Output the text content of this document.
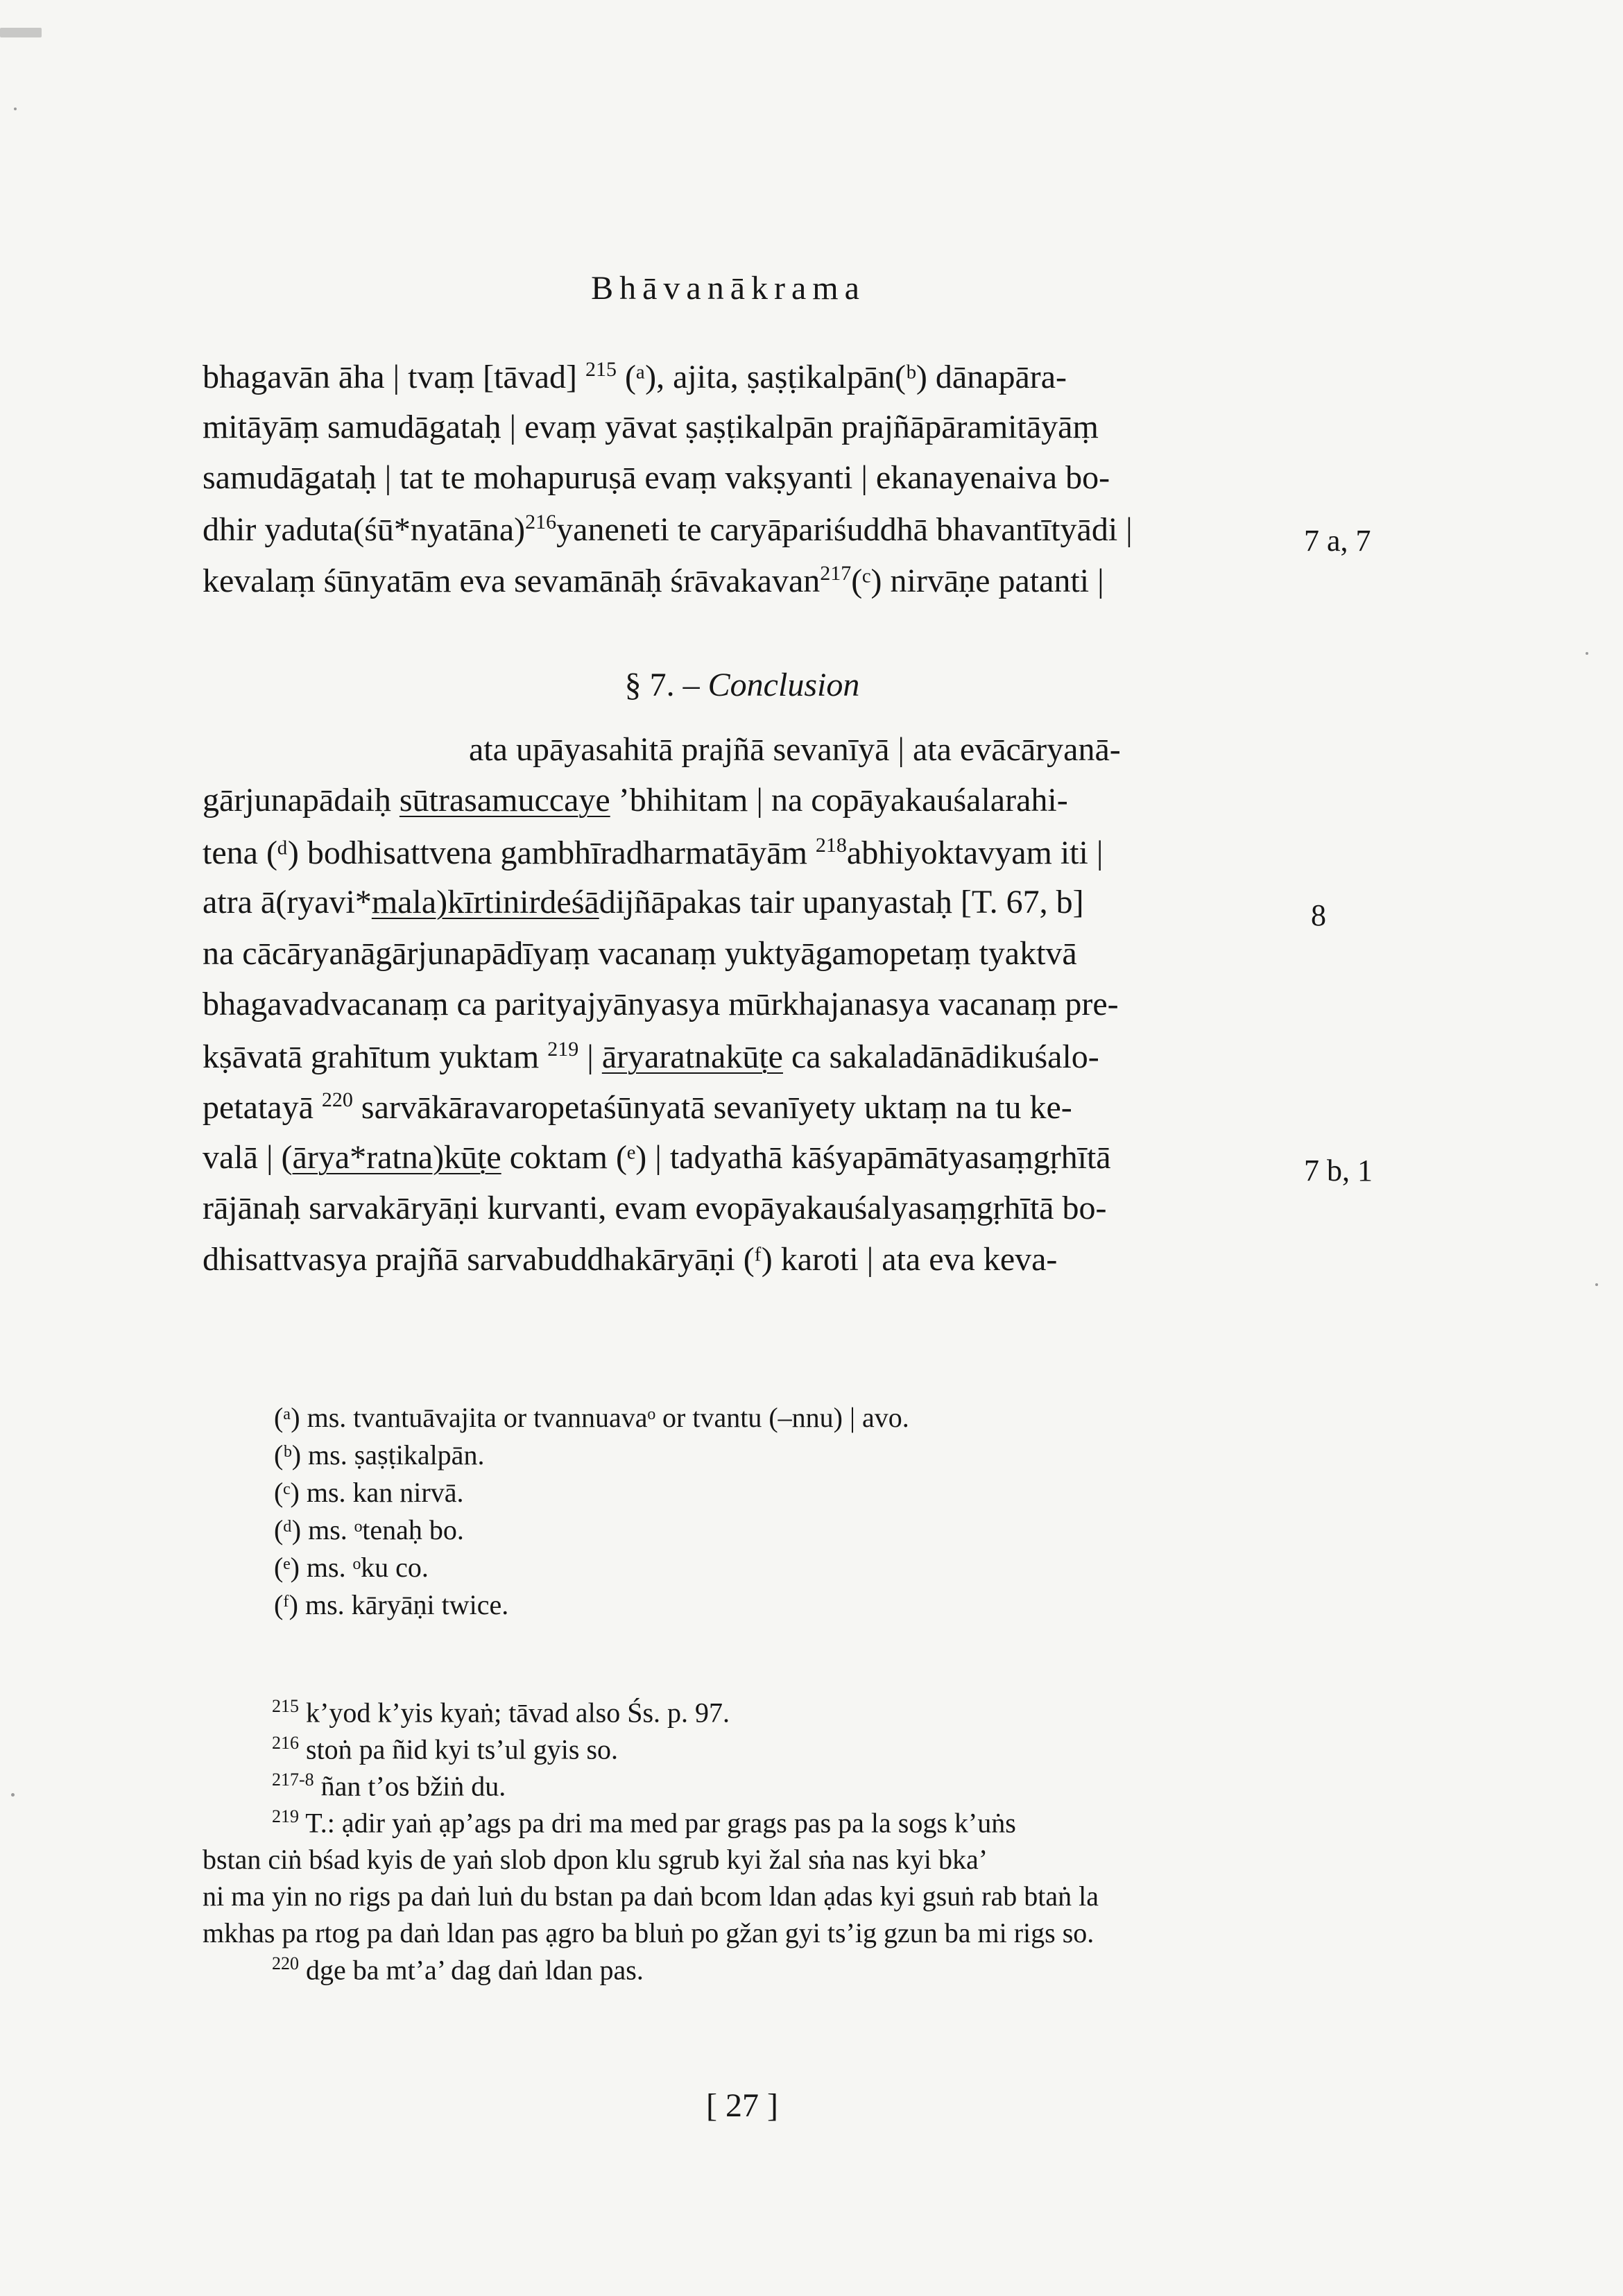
Bhāvanākrama
bhagavān āha | tvaṃ [tāvad] $^{215}$ (ᵃ), ajita, ṣaṣṭikalpān(ᵇ) dānapāra-
mitāyāṃ samudāgataḥ | evaṃ yāvat ṣaṣṭikalpān prajñāpāramitāyāṃ
samudāgataḥ | tat te mohapuruṣā evaṃ vakṣyanti | ekanayenaiva bo-
dhir yaduta(śū*nyatāna)$^{216}$yaneneti te caryāpariśuddhā bhavantītyādi |
kevalaṃ śūnyatām eva sevamānāḥ śrāvakavan$^{217}$(ᶜ) nirvāṇe patanti |
§ 7. – Conclusion
ata upāyasahitā prajñā sevanīyā | ata evācāryanā-
gārjunapādaiḥ sūtrasamuccaye ’bhihitam | na copāyakauśalarahi-
tena (ᵈ) bodhisattvena gambhīradharmatāyām $^{218}$abhiyoktavyam iti |
atra ā(ryavi*mala)kīrtinirdeśādijñāpakas tair upanyastaḥ [T. 67, b]
na cācāryanāgārjunapādīyaṃ vacanaṃ yuktyāgamopetaṃ tyaktvā
bhagavadvacanaṃ ca parityajyānyasya mūrkhajanasya vacanaṃ pre-
kṣāvatā grahītum yuktam $^{219}$ | āryaratnakūṭe ca sakaladānādikuśalo-
petatayā $^{220}$ sarvākāravaropetaśūnyatā sevanīyety uktaṃ na tu ke-
valā | (ārya*ratna)kūṭe coktam (ᵉ) | tadyathā kāśyapāmātyasaṃgṛhītā
rājānaḥ sarvakāryāṇi kurvanti, evam evopāyakauśalyasaṃgṛhītā bo-
dhisattvasya prajñā sarvabuddhakāryāṇi (ᶠ) karoti | ata eva keva-
7 a, 7
8
7 b, 1
(ᵃ) ms. tvantuāvajita or tvannuavaᵒ or tvantu (–nnu) | avo.
(ᵇ) ms. ṣaṣṭikalpān.
(ᶜ) ms. kan nirvā.
(ᵈ) ms. ᵒtenaḥ bo.
(ᵉ) ms. ᵒku co.
(ᶠ) ms. kāryāṇi twice.
$^{215}$ k’yod k’yis kyaṅ; tāvad also Śs. p. 97.
$^{216}$ stoṅ pa ñid kyi ts’ul gyis so.
$^{217-8}$ ñan t’os bžiṅ du.
$^{219}$ T.: ạdir yaṅ ạp’ags pa dri ma med par grags pas pa la sogs k’uṅs
bstan ciṅ bśad kyis de yaṅ slob dpon klu sgrub kyi žal sṅa nas kyi bka’
ni ma yin no rigs pa daṅ luṅ du bstan pa daṅ bcom ldan ạdas kyi gsuṅ rab btaṅ la
mkhas pa rtog pa daṅ ldan pas ạgro ba bluṅ po gžan gyi ts’ig gzun ba mi rigs so.
$^{220}$ dge ba mt’a’ dag daṅ ldan pas.
[ 27 ]
